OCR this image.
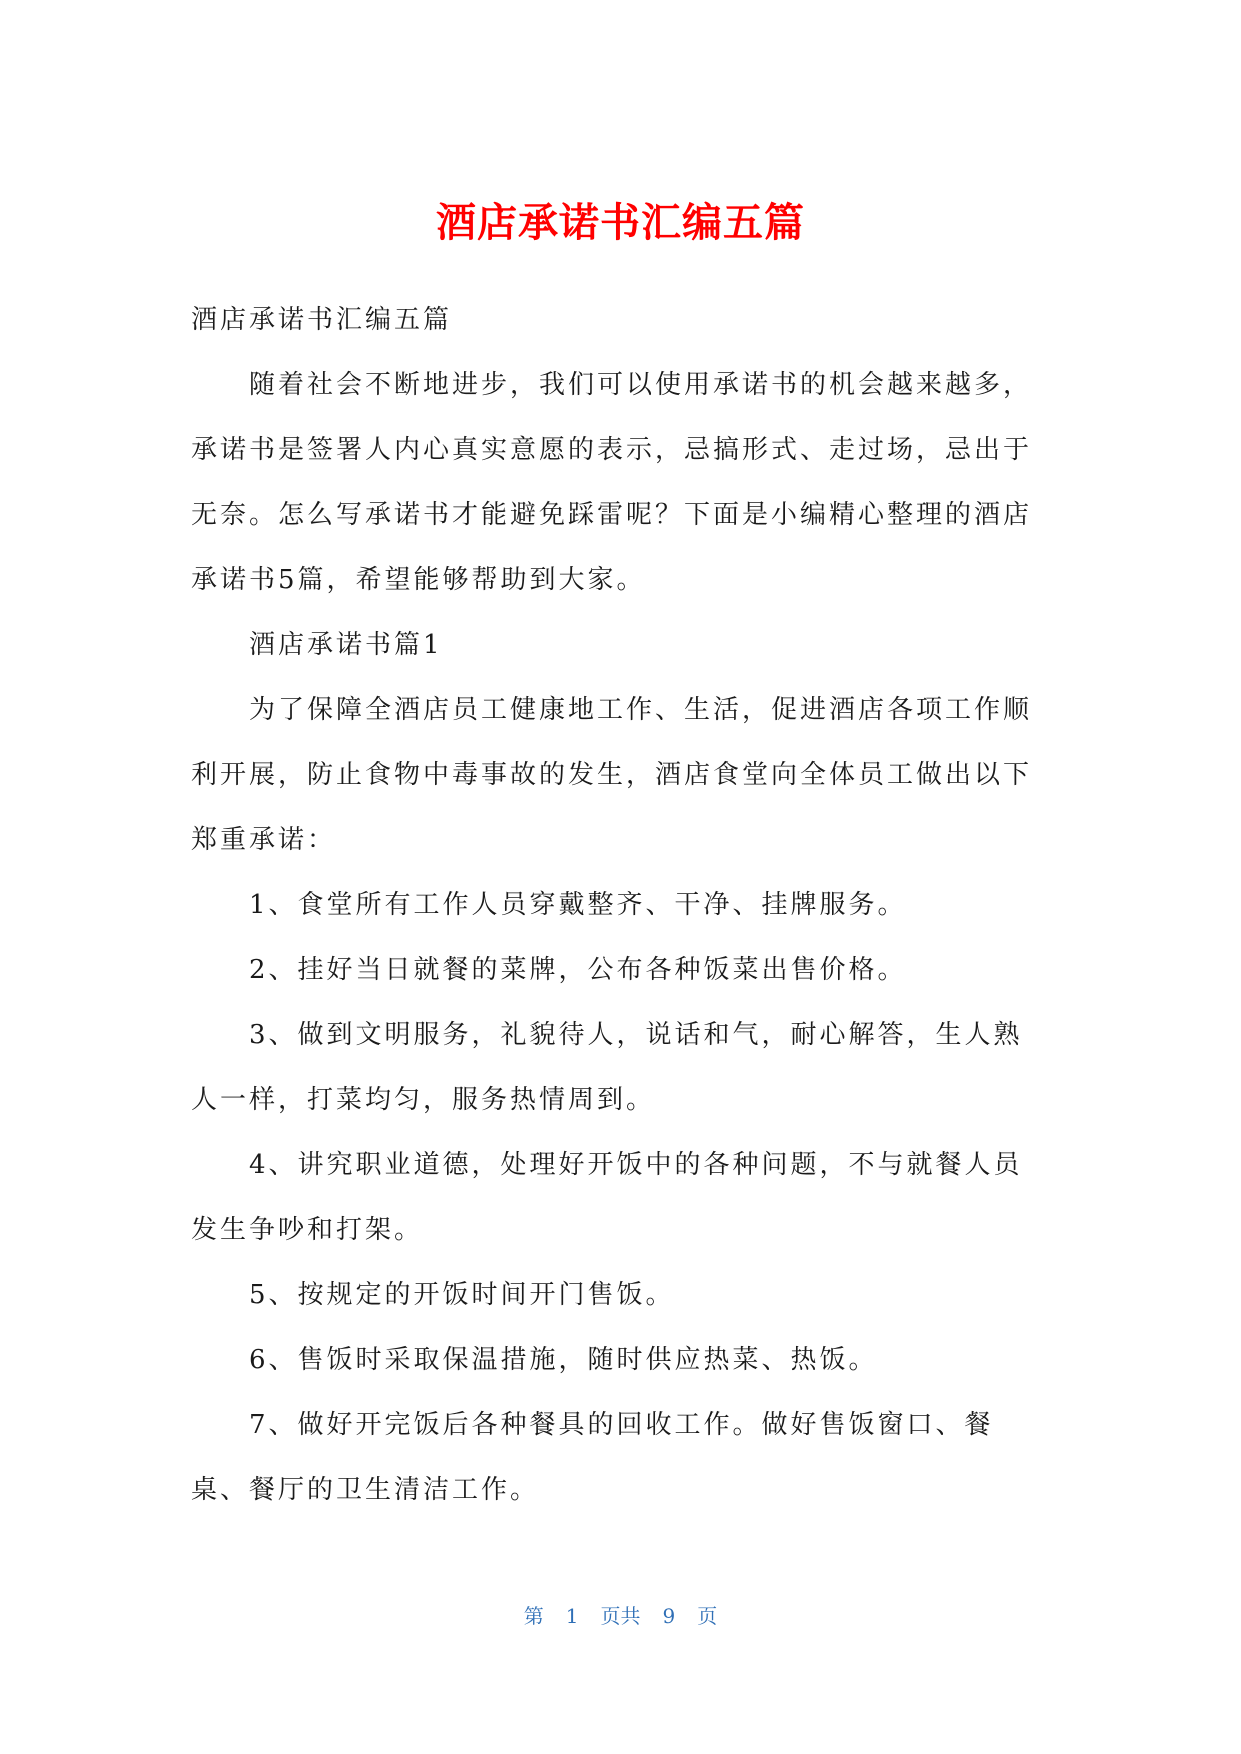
酒店承诺书汇编五篇

酒店承诺书汇编五篇

随着社会不断地进步，我们可以使用承诺书的机会越来越多，承诺书是签署人内心真实意愿的表示，忌搞形式、走过场，忌出于无奈。怎么写承诺书才能避免踩雷呢？下面是小编精心整理的酒店承诺书5篇，希望能够帮助到大家。

酒店承诺书篇1

为了保障全酒店员工健康地工作、生活，促进酒店各项工作顺利开展，防止食物中毒事故的发生，酒店食堂向全体员工做出以下郑重承诺：

1、食堂所有工作人员穿戴整齐、干净、挂牌服务。

2、挂好当日就餐的菜牌，公布各种饭菜出售价格。

3、做到文明服务，礼貌待人，说话和气，耐心解答，生人熟人一样，打菜均匀，服务热情周到。

4、讲究职业道德，处理好开饭中的各种问题，不与就餐人员发生争吵和打架。

5、按规定的开饭时间开门售饭。

6、售饭时采取保温措施，随时供应热菜、热饭。

7、做好开完饭后各种餐具的回收工作。做好售饭窗口、餐桌、餐厅的卫生清洁工作。

第 1 页共 9 页
